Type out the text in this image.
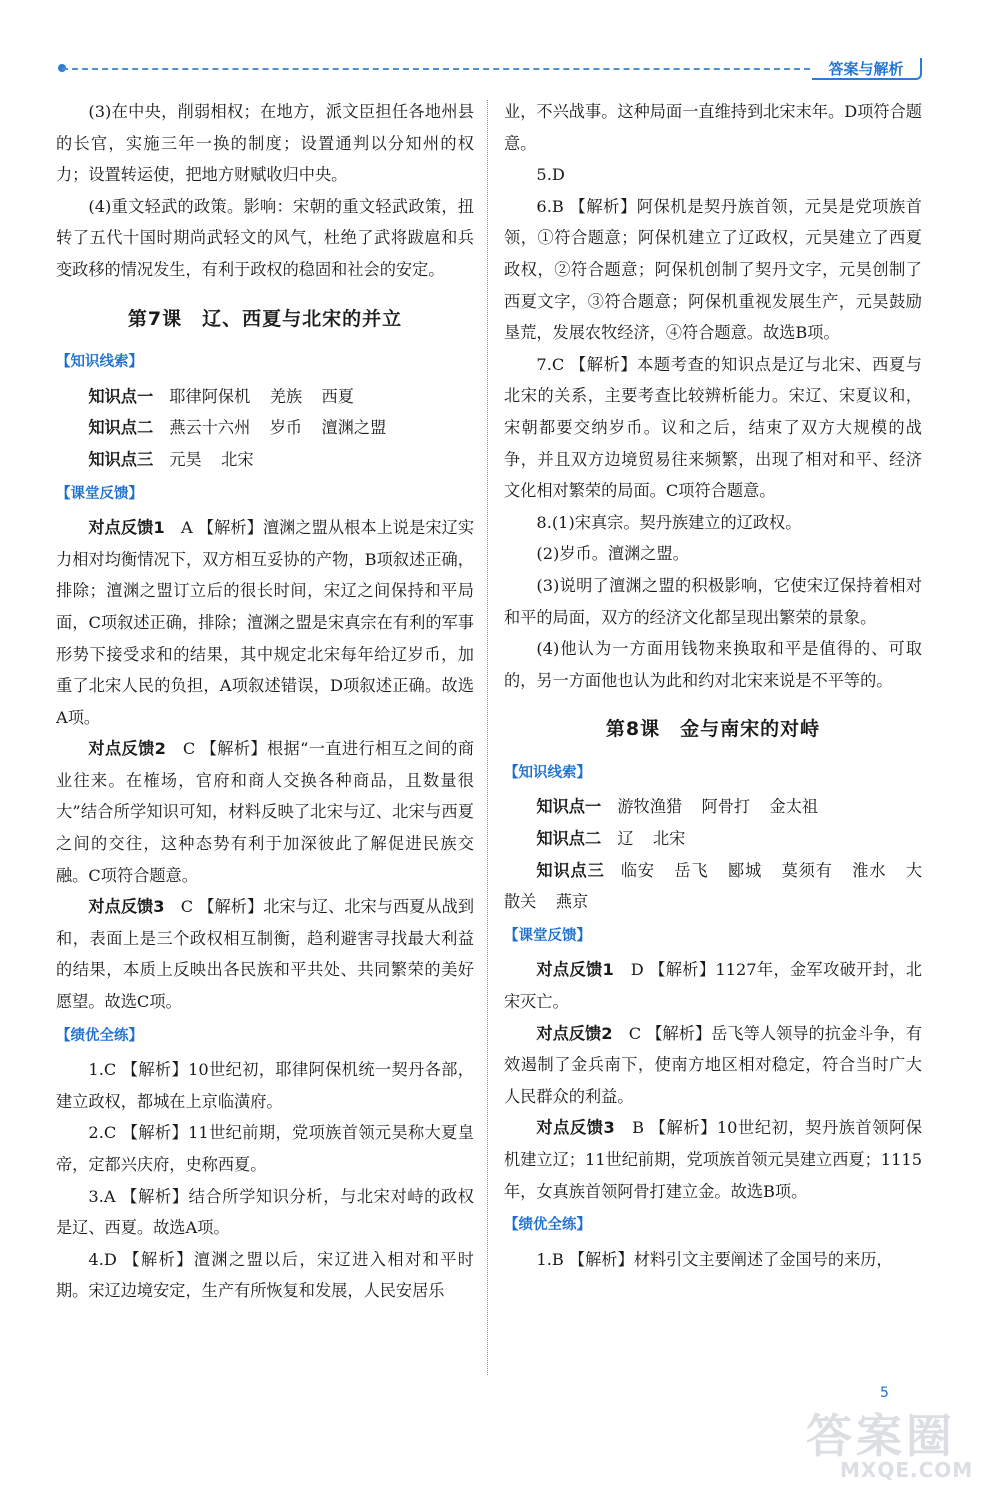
答案与解析

(3)在中央，削弱相权；在地方，派文臣担任各地州县的长官，实施三年一换的制度；设置通判以分知州的权力；设置转运使，把地方财赋收归中央。

(4)重文轻武的政策。影响：宋朝的重文轻武政策，扭转了五代十国时期尚武轻文的风气，杜绝了武将跋扈和兵变政移的情况发生，有利于政权的稳固和社会的安定。

第7课　辽、西夏与北宋的并立

【知识线索】

知识点一 耶律阿保机 羌族 西夏

知识点二 燕云十六州 岁币 澶渊之盟

知识点三 元昊 北宋

【课堂反馈】

对点反馈1　 A 【解析】澶渊之盟从根本上说是宋辽实力相对均衡情况下，双方相互妥协的产物，B项叙述正确，排除；澶渊之盟订立后的很长时间，宋辽之间保持和平局面，C项叙述正确，排除；澶渊之盟是宋真宗在有利的军事形势下接受求和的结果，其中规定北宋每年给辽岁币，加重了北宋人民的负担，A项叙述错误，D项叙述正确。故选A项。

对点反馈2　 C 【解析】根据“一直进行相互之间的商业往来。在榷场，官府和商人交换各种商品，且数量很大”结合所学知识可知，材料反映了北宋与辽、北宋与西夏之间的交往，这种态势有利于加深彼此了解促进民族交融。C项符合题意。

对点反馈3　 C 【解析】北宋与辽、北宋与西夏从战到和，表面上是三个政权相互制衡，趋利避害寻找最大利益的结果，本质上反映出各民族和平共处、共同繁荣的美好愿望。故选C项。

【绩优全练】

1.C 【解析】10世纪初，耶律阿保机统一契丹各部，建立政权，都城在上京临潢府。

2.C 【解析】11世纪前期，党项族首领元昊称大夏皇帝，定都兴庆府，史称西夏。

3.A 【解析】结合所学知识分析，与北宋对峙的政权是辽、西夏。故选A项。

4.D 【解析】澶渊之盟以后，宋辽进入相对和平时期。宋辽边境安定，生产有所恢复和发展，人民安居乐

业，不兴战事。这种局面一直维持到北宋末年。D项符合题意。

5.D

6.B 【解析】阿保机是契丹族首领，元昊是党项族首领，①符合题意；阿保机建立了辽政权，元昊建立了西夏政权，②符合题意；阿保机创制了契丹文字，元昊创制了西夏文字，③符合题意；阿保机重视发展生产，元昊鼓励垦荒，发展农牧经济，④符合题意。故选B项。

7.C 【解析】本题考查的知识点是辽与北宋、西夏与北宋的关系，主要考查比较辨析能力。宋辽、宋夏议和，宋朝都要交纳岁币。议和之后，结束了双方大规模的战争，并且双方边境贸易往来频繁，出现了相对和平、经济文化相对繁荣的局面。C项符合题意。

8.(1)宋真宗。契丹族建立的辽政权。

(2)岁币。澶渊之盟。

(3)说明了澶渊之盟的积极影响，它使宋辽保持着相对和平的局面，双方的经济文化都呈现出繁荣的景象。

(4)他认为一方面用钱物来换取和平是值得的、可取的，另一方面他也认为此和约对北宋来说是不平等的。

第8课　金与南宋的对峙

【知识线索】

知识点一 游牧渔猎 阿骨打 金太祖

知识点二 辽 北宋

知识点三 临安 岳飞 郾城 莫须有 淮水 大散关 燕京

【课堂反馈】

对点反馈1　 D 【解析】1127年，金军攻破开封，北宋灭亡。

对点反馈2　 C 【解析】岳飞等人领导的抗金斗争，有效遏制了金兵南下，使南方地区相对稳定，符合当时广大人民群众的利益。

对点反馈3　 B 【解析】10世纪初，契丹族首领阿保机建立辽；11世纪前期，党项族首领元昊建立西夏；1115年，女真族首领阿骨打建立金。故选B项。

【绩优全练】

1.B 【解析】材料引文主要阐述了金国号的来历，

5
答案圈
MXQE.COM
